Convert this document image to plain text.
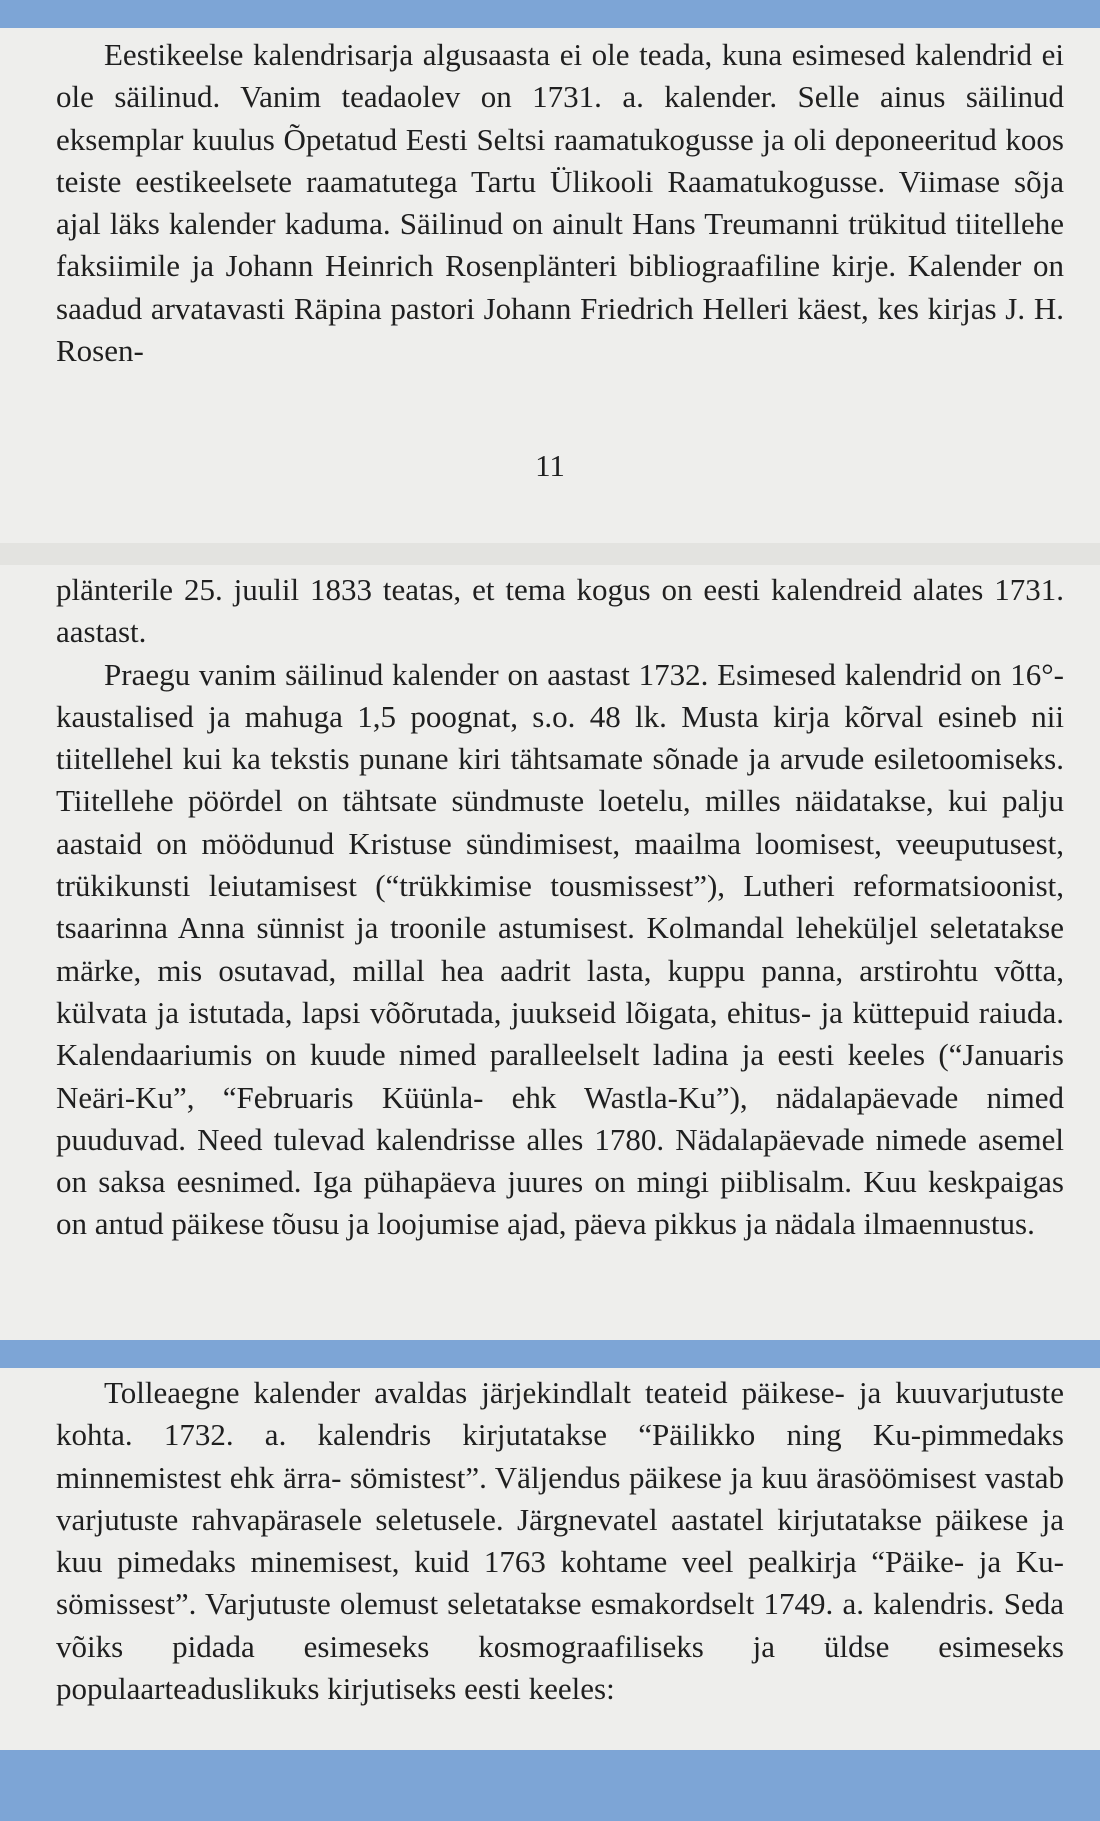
Eestikeelse kalendrisarja algusaasta ei ole teada, kuna esimesed kalendrid ei ole säilinud. Vanim teadaolev on 1731. a. kalender. Selle ainus säilinud eksemplar kuulus Õpetatud Eesti Seltsi raamatukogusse ja oli deponeeritud koos teiste eestikeelsete raamatutega Tartu Ülikooli Raamatukogusse. Viimase sõja ajal läks kalender kaduma. Säilinud on ainult Hans Treumanni trükitud tiitellehe faksiimile ja Johann Heinrich Rosenplänteri bibliograafiline kirje. Kalender on saadud arvatavasti Räpina pastori Johann Friedrich Helleri käest, kes kirjas J. H. Rosen-

11

plänterile 25. juulil 1833 teatas, et tema kogus on eesti kalendreid alates 1731. aastast.

Praegu vanim säilinud kalender on aastast 1732. Esimesed kalendrid on 16°-kaustalised ja mahuga 1,5 poognat, s.o. 48 lk. Musta kirja kõrval esineb nii tiitellehel kui ka tekstis punane kiri tähtsamate sõnade ja arvude esiletoomiseks. Tiitellehe pöördel on tähtsate sündmuste loetelu, milles näidatakse, kui palju aastaid on möödunud Kristuse sündimisest, maailma loomisest, veeuputusest, trükikunsti leiutamisest (“trükkimise tousmissest”), Lutheri reformatsioonist, tsaarinna Anna sünnist ja troonile astumisest. Kolmandal leheküljel seletatakse märke, mis osutavad, millal hea aadrit lasta, kuppu panna, arstirohtu võtta, külvata ja istutada, lapsi võõrutada, juukseid lõigata, ehitus- ja küttepuid raiuda. Kalendaariumis on kuude nimed paralleelselt ladina ja eesti keeles (“Januaris Neäri-Ku”, “Februaris Küünla- ehk Wastla-Ku”), nädalapäevade nimed puuduvad. Need tulevad kalendrisse alles 1780. Nädalapäevade nimede asemel on saksa eesnimed. Iga pühapäeva juures on mingi piiblisalm. Kuu keskpaigas on antud päikese tõusu ja loojumise ajad, päeva pikkus ja nädala ilmaennustus.

Tolleaegne kalender avaldas järjekindlalt teateid päikese- ja kuuvarjutuste kohta. 1732. a. kalendris kirjutatakse “Päilikko ning Ku-pimmedaks minnemistest ehk ärra- sömistest”. Väljendus päikese ja kuu ärasöömisest vastab varjutuste rahvapärasele seletusele. Järgnevatel aastatel kirjutatakse päikese ja kuu pimedaks minemisest, kuid 1763 kohtame veel pealkirja “Päike- ja Ku-sömissest”. Varjutuste olemust seletatakse esmakordselt 1749. a. kalendris. Seda võiks pidada esimeseks kosmograafiliseks ja üldse esimeseks populaarteaduslikuks kirjutiseks eesti keeles:
